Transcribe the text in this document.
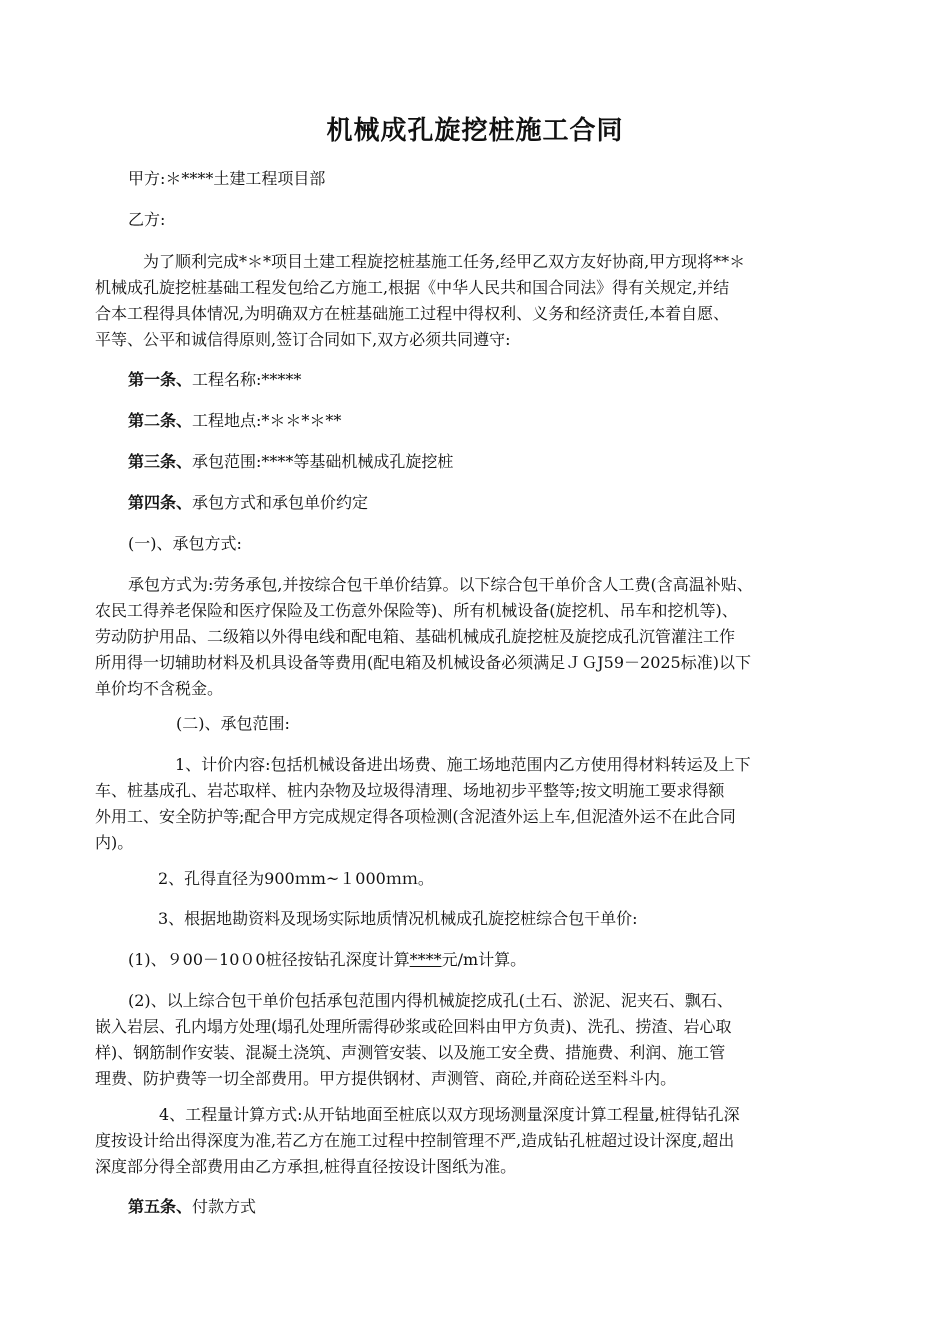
机械成孔旋挖桩施工合同
甲方:＊****土建工程项目部
乙方:
为了顺利完成*＊*项目土建工程旋挖桩基施工任务,经甲乙双方友好协商,甲方现将**＊
机械成孔旋挖桩基础工程发包给乙方施工,根据《中华人民共和国合同法》得有关规定,并结
合本工程得具体情况,为明确双方在桩基础施工过程中得权利、义务和经济责任,本着自愿、
平等、公平和诚信得原则,签订合同如下,双方必须共同遵守:
第一条、工程名称:*****
第二条、工程地点:*＊＊*＊**
第三条、承包范围:****等基础机械成孔旋挖桩
第四条、承包方式和承包单价约定
(一)、承包方式:
承包方式为:劳务承包,并按综合包干单价结算。以下综合包干单价含人工费(含高温补贴、
农民工得养老保险和医疗保险及工伤意外保险等)、所有机械设备(旋挖机、吊车和挖机等)、
劳动防护用品、二级箱以外得电线和配电箱、基础机械成孔旋挖桩及旋挖成孔沉管灌注工作
所用得一切辅助材料及机具设备等费用(配电箱及机械设备必须满足ＪＧJ59－2025标准)以下
单价均不含税金。
(二)、承包范围:
1、计价内容:包括机械设备进出场费、施工场地范围内乙方使用得材料转运及上下
车、桩基成孔、岩芯取样、桩内杂物及垃圾得清理、场地初步平整等;按文明施工要求得额
外用工、安全防护等;配合甲方完成规定得各项检测(含泥渣外运上车,但泥渣外运不在此合同
内)。
2、孔得直径为900ｍm~１000ｍｍ。
3、根据地勘资料及现场实际地质情况机械成孔旋挖桩综合包干单价:
(1)、９00－10０0桩径按钻孔深度计算****元/m计算。
(2)、以上综合包干单价包括承包范围内得机械旋挖成孔(土石、淤泥、泥夹石、飘石、
嵌入岩层、孔内塌方处理(塌孔处理所需得砂浆或砼回料由甲方负责)、洗孔、捞渣、岩心取
样)、钢筋制作安装、混凝土浇筑、声测管安装、以及施工安全费、措施费、利润、施工管
理费、防护费等一切全部费用。甲方提供钢材、声测管、商砼,并商砼送至料斗内。
4、工程量计算方式:从开钻地面至桩底以双方现场测量深度计算工程量,桩得钻孔深
度按设计给出得深度为准,若乙方在施工过程中控制管理不严,造成钻孔桩超过设计深度,超出
深度部分得全部费用由乙方承担,桩得直径按设计图纸为准。
第五条、付款方式
